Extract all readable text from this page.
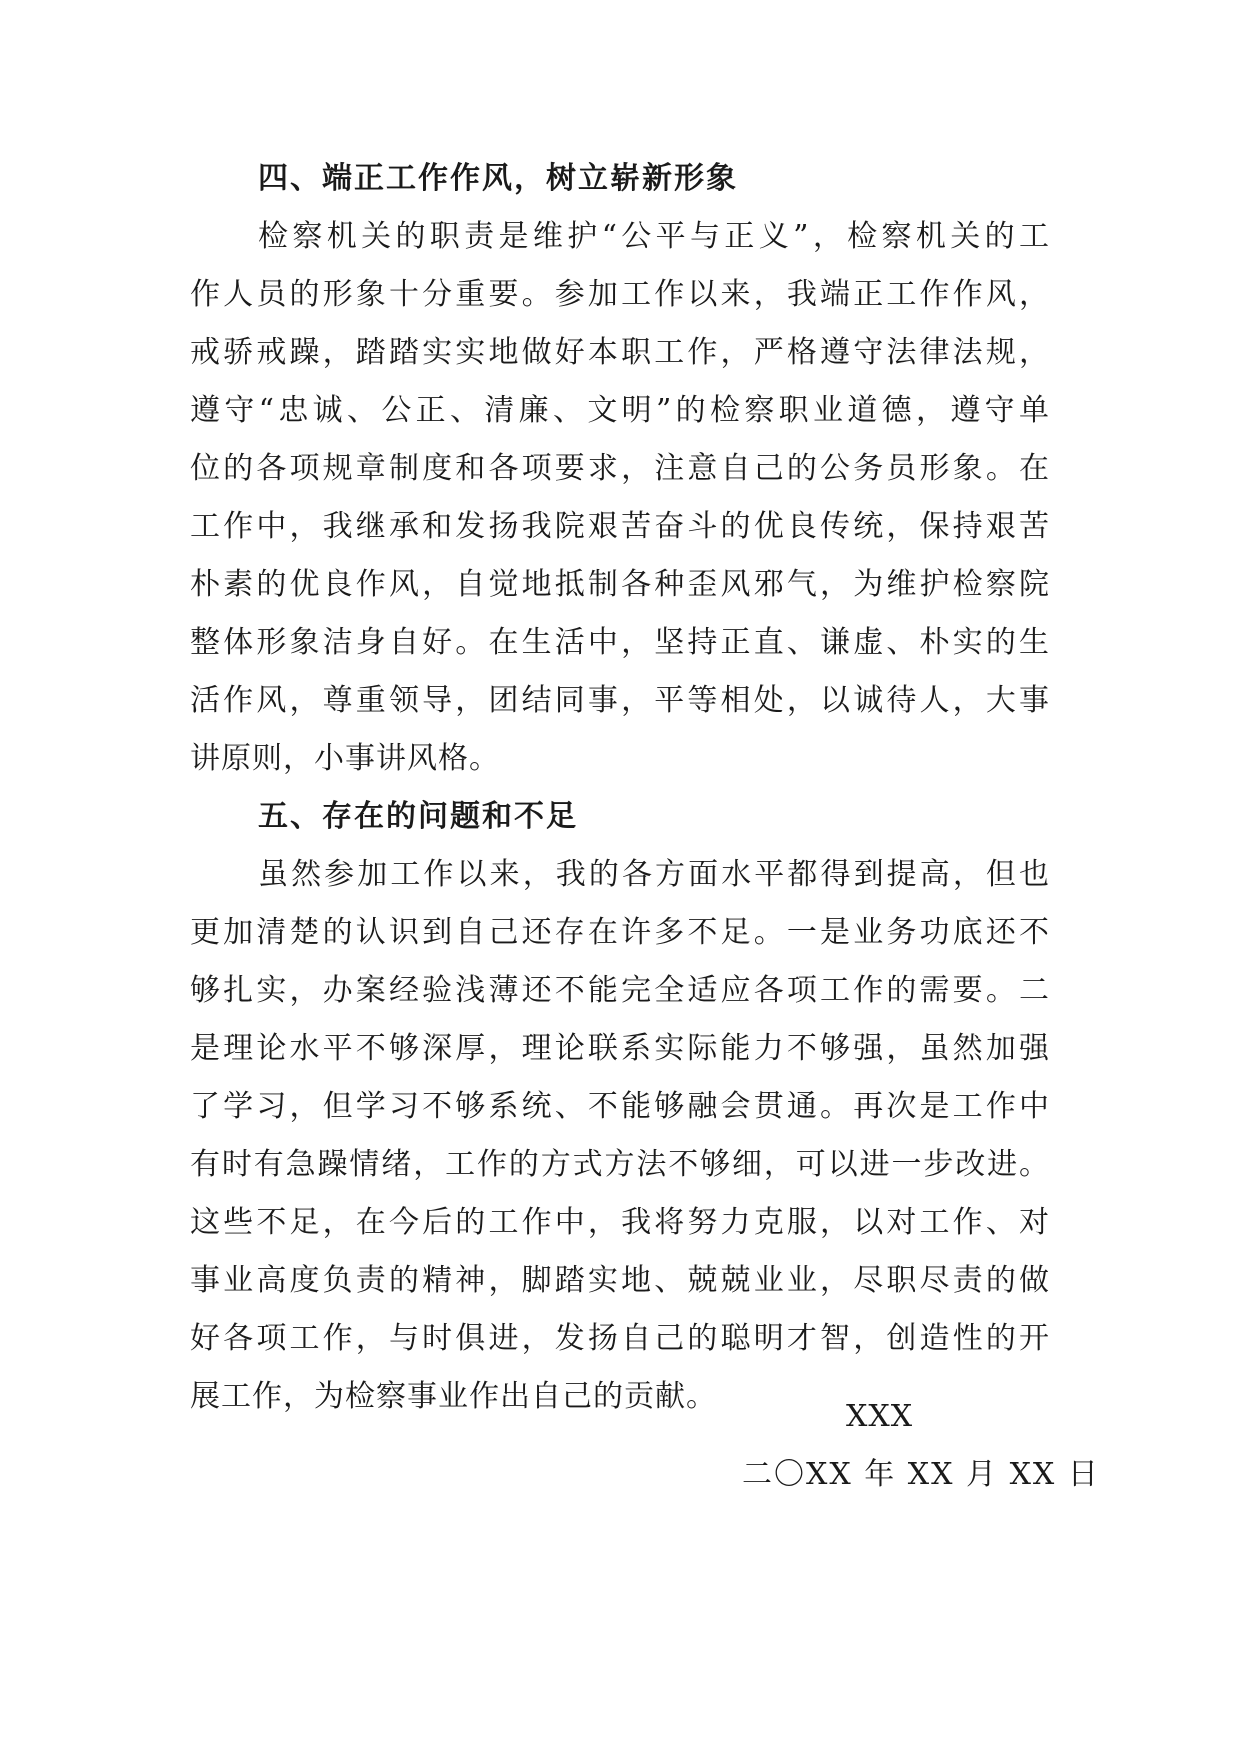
四、端正工作作风，树立崭新形象

检察机关的职责是维护“公平与正义”，检察机关的工
作人员的形象十分重要。参加工作以来，我端正工作作风，
戒骄戒躁，踏踏实实地做好本职工作，严格遵守法律法规，
遵守“忠诚、公正、清廉、文明”的检察职业道德，遵守单
位的各项规章制度和各项要求，注意自己的公务员形象。在
工作中，我继承和发扬我院艰苦奋斗的优良传统，保持艰苦
朴素的优良作风，自觉地抵制各种歪风邪气，为维护检察院
整体形象洁身自好。在生活中，坚持正直、谦虚、朴实的生
活作风，尊重领导，团结同事，平等相处，以诚待人，大事
讲原则，小事讲风格。

五、存在的问题和不足

虽然参加工作以来，我的各方面水平都得到提高，但也
更加清楚的认识到自己还存在许多不足。一是业务功底还不
够扎实，办案经验浅薄还不能完全适应各项工作的需要。二
是理论水平不够深厚，理论联系实际能力不够强，虽然加强
了学习，但学习不够系统、不能够融会贯通。再次是工作中
有时有急躁情绪，工作的方式方法不够细，可以进一步改进。
这些不足，在今后的工作中，我将努力克服，以对工作、对
事业高度负责的精神，脚踏实地、兢兢业业，尽职尽责的做
好各项工作，与时俱进，发扬自己的聪明才智，创造性的开
展工作，为检察事业作出自己的贡献。

XXX
二〇XX 年 XX 月 XX 日
